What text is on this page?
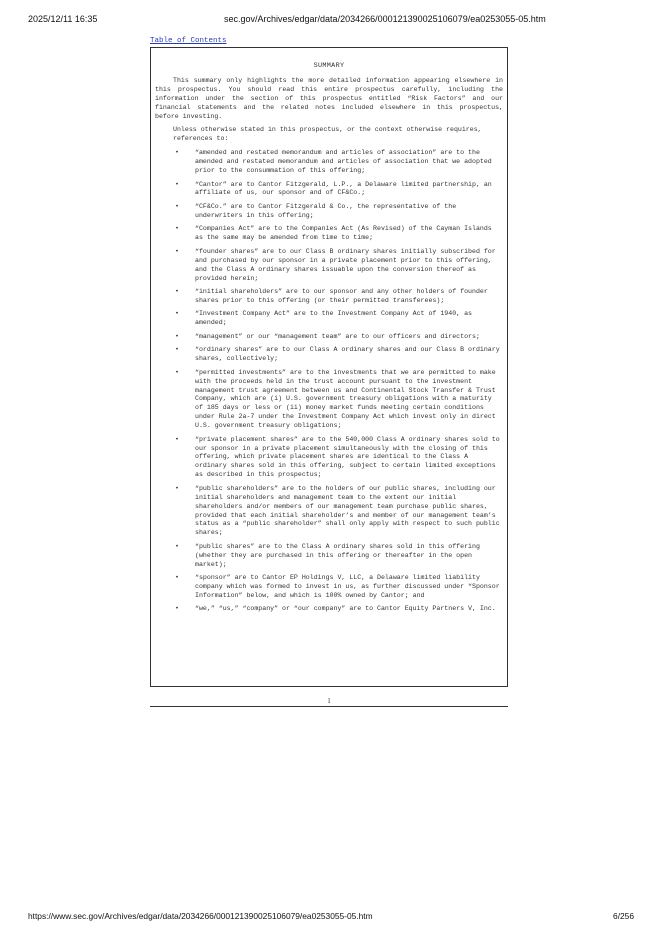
2025/12/11 16:35	sec.gov/Archives/edgar/data/2034266/000121390025106079/ea0253055-05.htm
Table of Contents
SUMMARY

This summary only highlights the more detailed information appearing elsewhere in this prospectus. You should read this entire prospectus carefully, including the information under the section of this prospectus entitled “Risk Factors” and our financial statements and the related notes included elsewhere in this prospectus, before investing.

Unless otherwise stated in this prospectus, or the context otherwise requires, references to:

• “amended and restated memorandum and articles of association” are to the amended and restated memorandum and articles of association that we adopted prior to the consummation of this offering;
• “Cantor” are to Cantor Fitzgerald, L.P., a Delaware limited partnership, an affiliate of us, our sponsor and of CF&Co.;
• “CF&Co.” are to Cantor Fitzgerald & Co., the representative of the underwriters in this offering;
• “Companies Act” are to the Companies Act (As Revised) of the Cayman Islands as the same may be amended from time to time;
• “founder shares” are to our Class B ordinary shares initially subscribed for and purchased by our sponsor in a private placement prior to this offering, and the Class A ordinary shares issuable upon the conversion thereof as provided herein;
• “initial shareholders” are to our sponsor and any other holders of founder shares prior to this offering (or their permitted transferees);
• “Investment Company Act” are to the Investment Company Act of 1940, as amended;
• “management” or our “management team” are to our officers and directors;
• “ordinary shares” are to our Class A ordinary shares and our Class B ordinary shares, collectively;
• “permitted investments” are to the investments that we are permitted to make with the proceeds held in the trust account pursuant to the investment management trust agreement between us and Continental Stock Transfer & Trust Company, which are (i) U.S. government treasury obligations with a maturity of 185 days or less or (ii) money market funds meeting certain conditions under Rule 2a-7 under the Investment Company Act which invest only in direct U.S. government treasury obligations;
• “private placement shares” are to the 540,000 Class A ordinary shares sold to our sponsor in a private placement simultaneously with the closing of this offering, which private placement shares are identical to the Class A ordinary shares sold in this offering, subject to certain limited exceptions as described in this prospectus;
• “public shareholders” are to the holders of our public shares, including our initial shareholders and management team to the extent our initial shareholders and/or members of our management team purchase public shares, provided that each initial shareholder’s and member of our management team’s status as a “public shareholder” shall only apply with respect to such public shares;
• “public shares” are to the Class A ordinary shares sold in this offering (whether they are purchased in this offering or thereafter in the open market);
• “sponsor” are to Cantor EP Holdings V, LLC, a Delaware limited liability company which was formed to invest in us, as further discussed under “Sponsor Information” below, and which is 100% owned by Cantor; and
• “we,” “us,” “company” or “our company” are to Cantor Equity Partners V, Inc.
1
https://www.sec.gov/Archives/edgar/data/2034266/000121390025106079/ea0253055-05.htm	6/256
